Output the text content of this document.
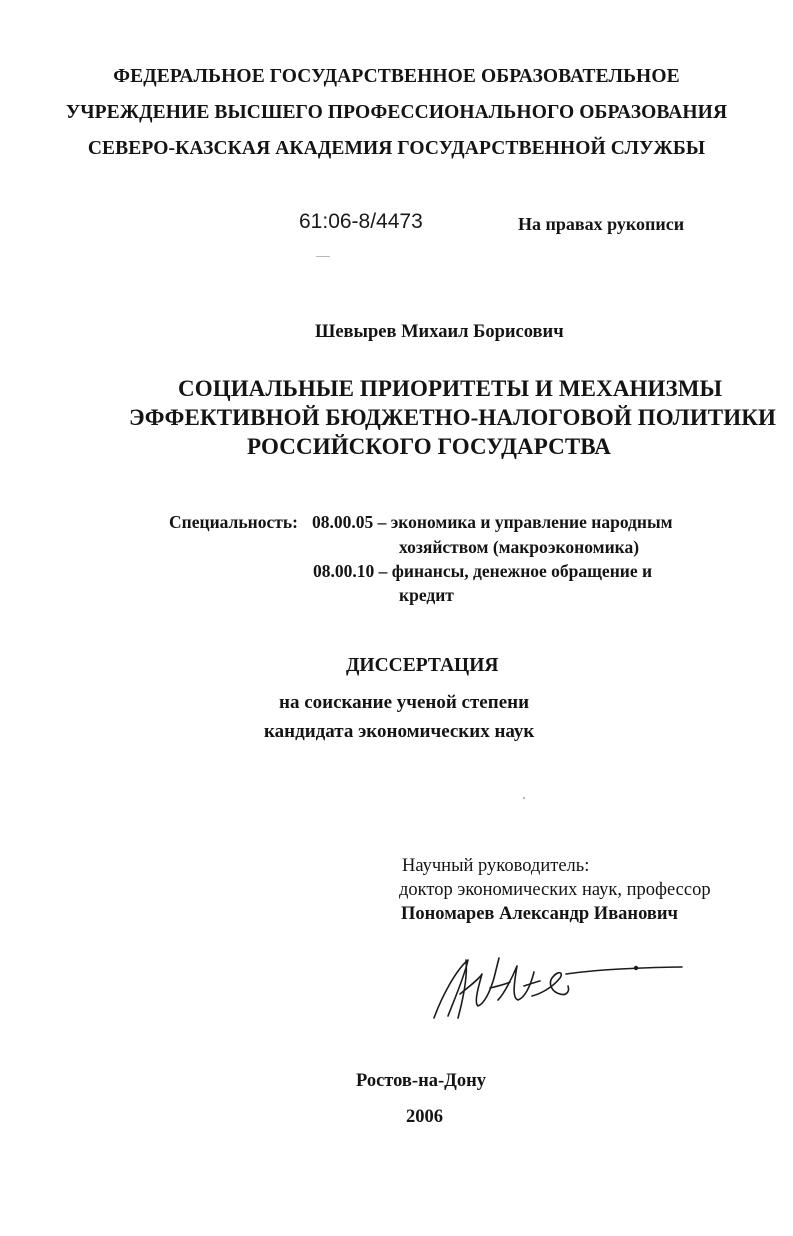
ФЕДЕРАЛЬНОЕ ГОСУДАРСТВЕННОЕ ОБРАЗОВАТЕЛЬНОЕ
УЧРЕЖДЕНИЕ ВЫСШЕГО ПРОФЕССИОНАЛЬНОГО ОБРАЗОВАНИЯ
СЕВЕРО-КАЗСКАЯ АКАДЕМИЯ ГОСУДАРСТВЕННОЙ СЛУЖБЫ
61:06-8/4473	На правах рукописи
Шевырев Михаил Борисович
СОЦИАЛЬНЫЕ ПРИОРИТЕТЫ И МЕХАНИЗМЫ
ЭФФЕКТИВНОЙ БЮДЖЕТНО-НАЛОГОВОЙ ПОЛИТИКИ
РОССИЙСКОГО ГОСУДАРСТВА
Специальность: 08.00.05 – экономика и управление народным
хозяйством (макроэкономика)
08.00.10 – финансы, денежное обращение и
кредит
ДИССЕРТАЦИЯ
на соискание ученой степени
кандидата экономических наук
Научный руководитель:
доктор экономических наук, профессор
Пономарев Александр Иванович
Ростов-на-Дону
2006
